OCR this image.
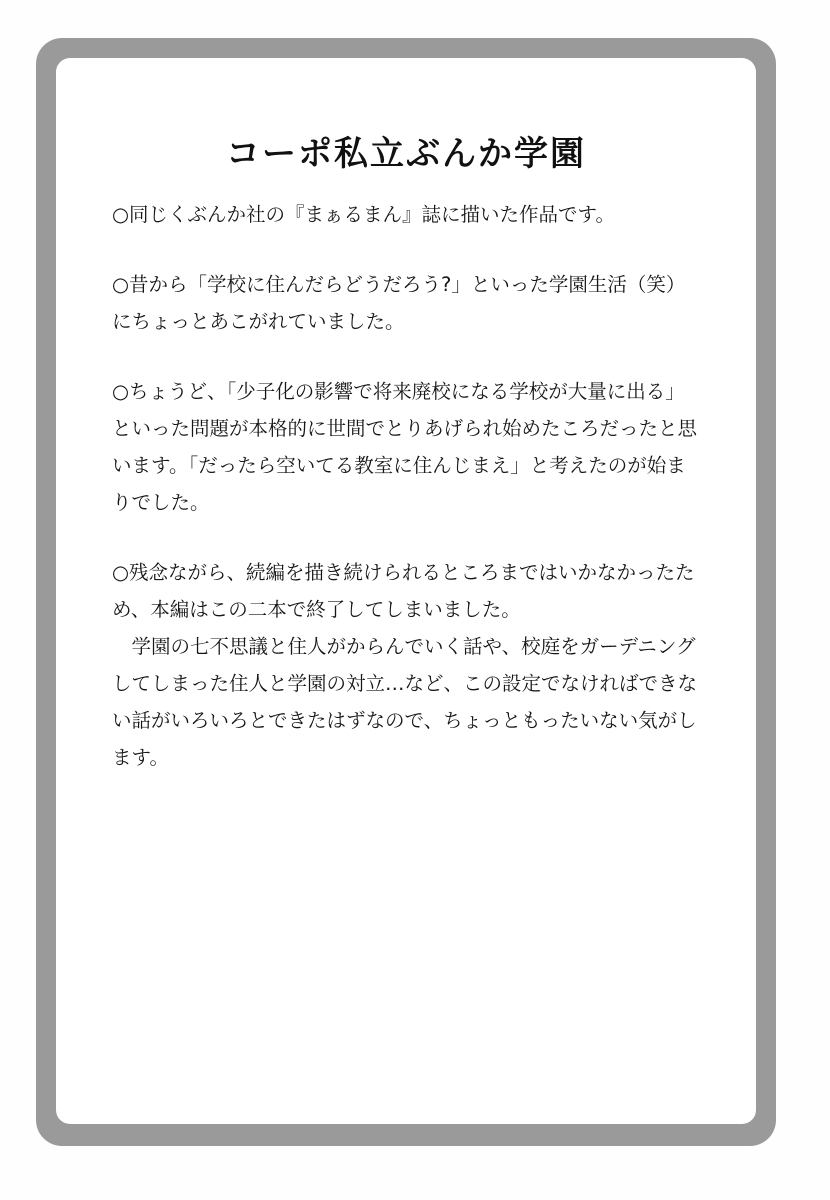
コーポ私立ぶんか学園

○同じくぶんか社の『まぁるまん』誌に描いた作品です。

○昔から「学校に住んだらどうだろう?」といった学園生活（笑）にちょっとあこがれていました。

○ちょうど、「少子化の影響で将来廃校になる学校が大量に出る」といった問題が本格的に世間でとりあげられ始めたころだったと思います。「だったら空いてる教室に住んじまえ」と考えたのが始まりでした。

○残念ながら、続編を描き続けられるところまではいかなかったため、本編はこの二本で終了してしまいました。

学園の七不思議と住人がからんでいく話や、校庭をガーデニングしてしまった住人と学園の対立…など、この設定でなければできない話がいろいろとできたはずなので、ちょっともったいない気がします。
